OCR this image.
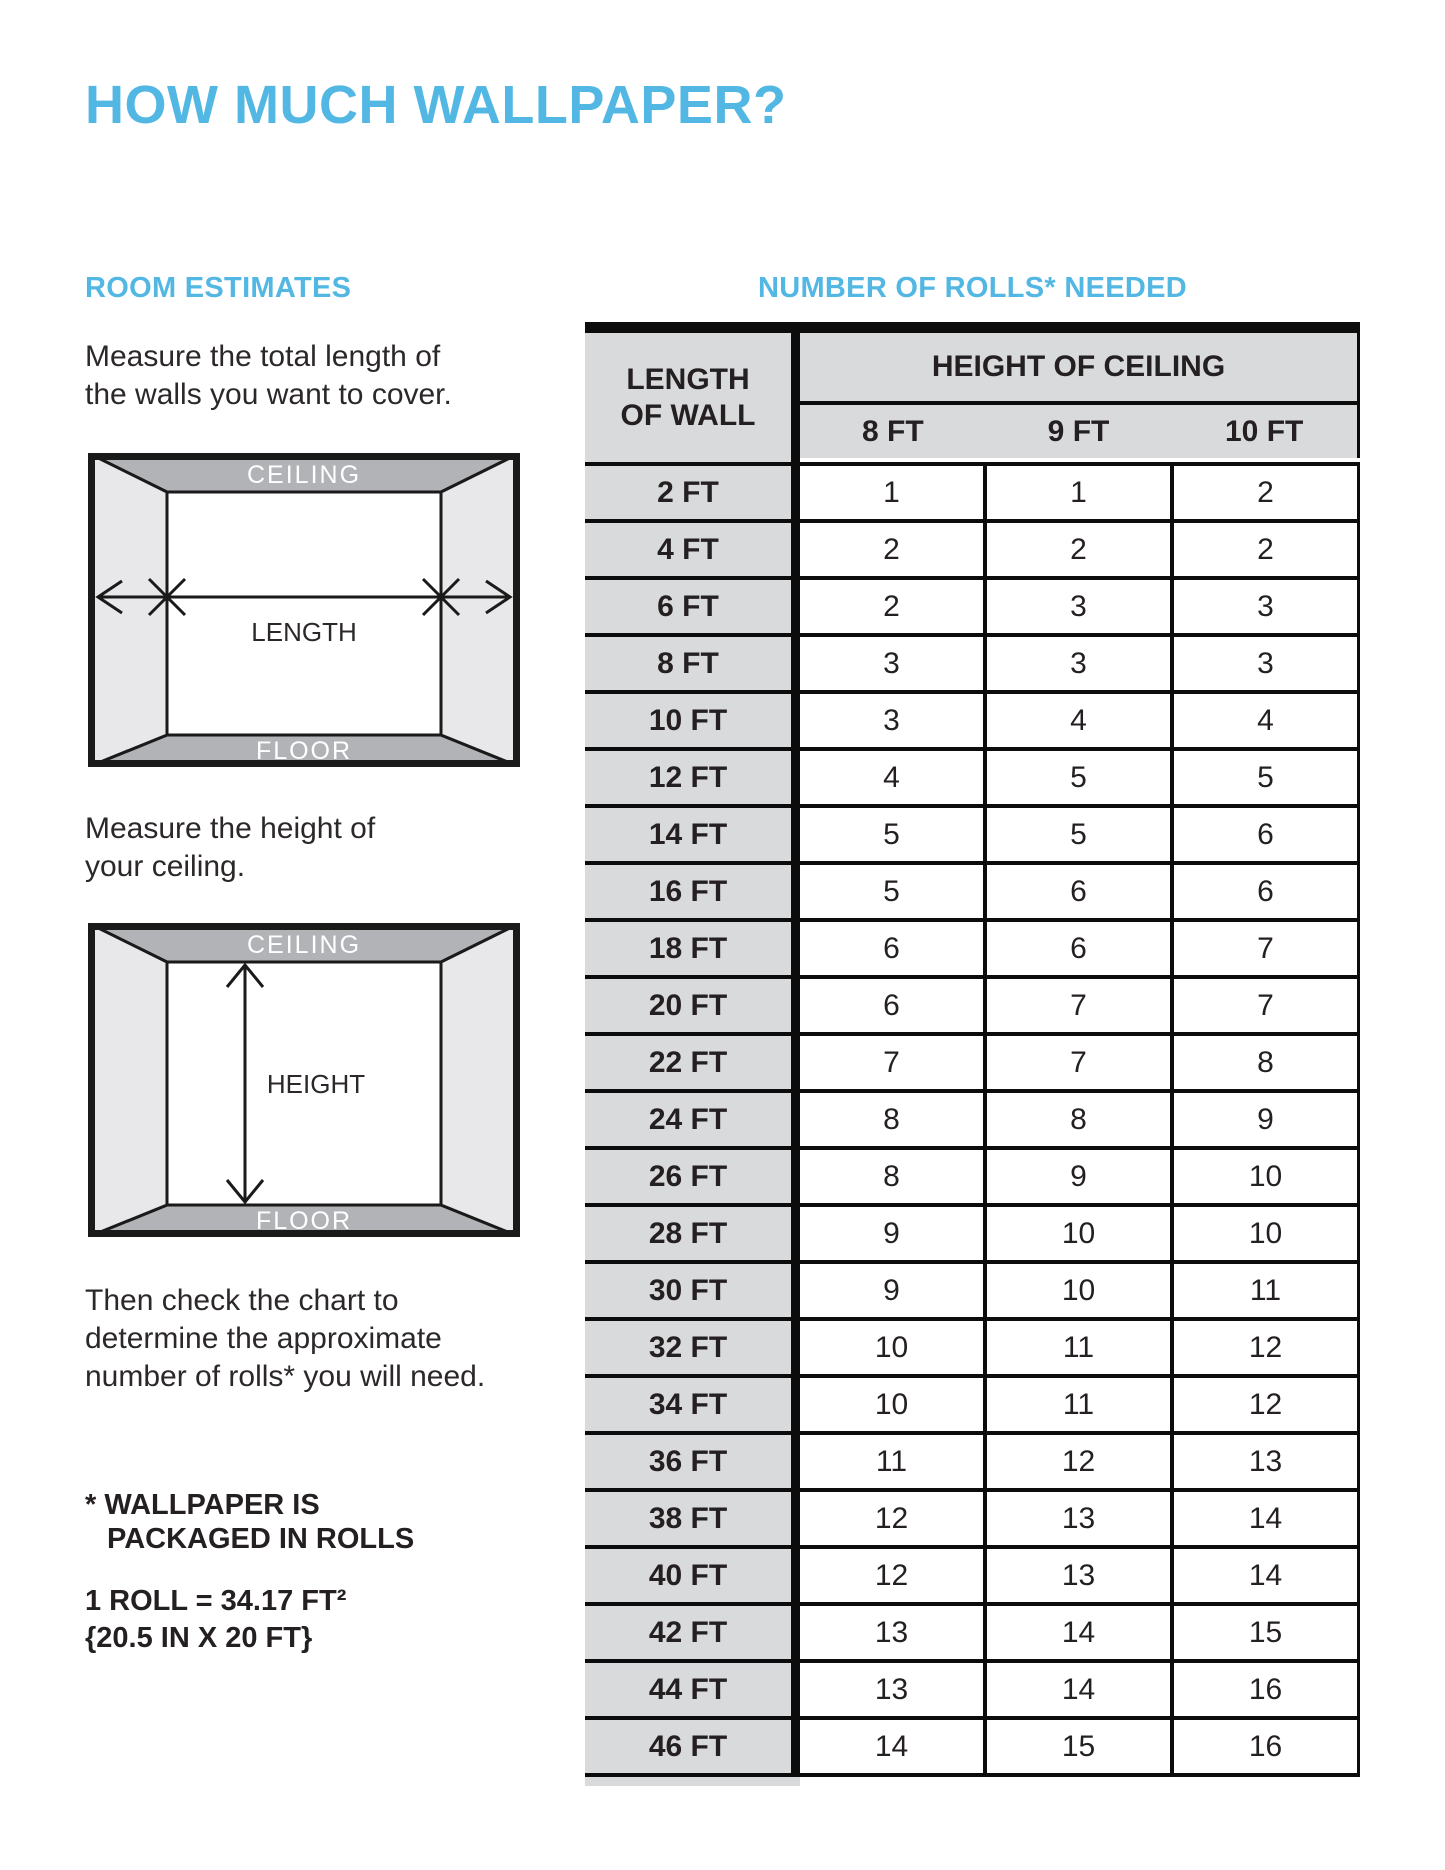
HOW MUCH WALLPAPER?
ROOM ESTIMATES	NUMBER OF ROLLS* NEEDED
Measure the total length of
the walls you want to cover.
CEILING
FLOOR
LENGTH
Measure the height of
your ceiling.
CEILING
FLOOR
HEIGHT
Then check the chart to
determine the approximate
number of rolls* you will need.
* WALLPAPER IS
PACKAGED IN ROLLS
1 ROLL = 34.17 FT²
{20.5 IN X 20 FT}
LENGTH
OF WALL
HEIGHT OF CEILING
8 FT	9 FT	10 FT
2 FT	1	1	2
4 FT	2	2	2
6 FT	2	3	3
8 FT	3	3	3
10 FT	3	4	4
12 FT	4	5	5
14 FT	5	5	6
16 FT	5	6	6
18 FT	6	6	7
20 FT	6	7	7
22 FT	7	7	8
24 FT	8	8	9
26 FT	8	9	10
28 FT	9	10	10
30 FT	9	10	11
32 FT	10	11	12
34 FT	10	11	12
36 FT	11	12	13
38 FT	12	13	14
40 FT	12	13	14
42 FT	13	14	15
44 FT	13	14	16
46 FT	14	15	16
